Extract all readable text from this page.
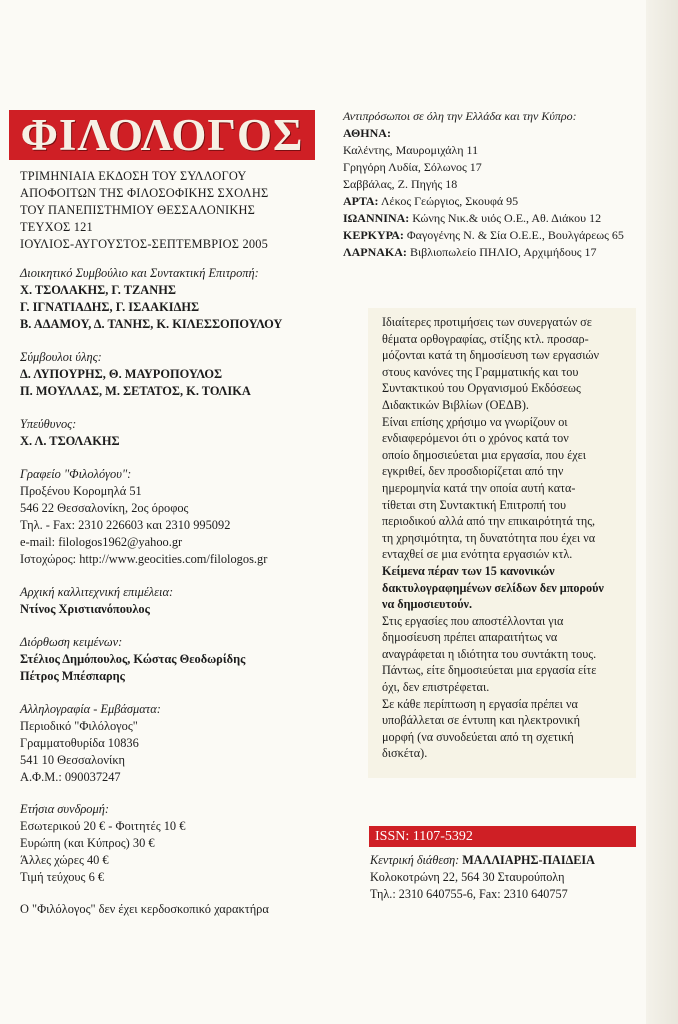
ΦΙΛΟΛΟΓΟΣ
ΤΡΙΜΗΝΙΑΙΑ ΕΚΔΟΣΗ ΤΟΥ ΣΥΛΛΟΓΟΥ
ΑΠΟΦΟΙΤΩΝ ΤΗΣ ΦΙΛΟΣΟΦΙΚΗΣ ΣΧΟΛΗΣ
ΤΟΥ ΠΑΝΕΠΙΣΤΗΜΙΟΥ ΘΕΣΣΑΛΟΝΙΚΗΣ
ΤΕΥΧΟΣ 121
ΙΟΥΛΙΟΣ-ΑΥΓΟΥΣΤΟΣ-ΣΕΠΤΕΜΒΡΙΟΣ 2005
Διοικητικό Συμβούλιο και Συντακτική Επιτροπή:
Χ. ΤΣΟΛΑΚΗΣ, Γ. ΤΖΑΝΗΣ
Γ. ΙΓΝΑΤΙΑΔΗΣ, Γ. ΙΣΑΑΚΙΔΗΣ
Β. ΑΔΑΜΟΥ, Δ. ΤΑΝΗΣ, Κ. ΚΙΛΕΣΣΟΠΟΥΛΟΥ
Σύμβουλοι ύλης:
Δ. ΛΥΠΟΥΡΗΣ, Θ. ΜΑΥΡΟΠΟΥΛΟΣ
Π. ΜΟΥΛΛΑΣ, Μ. ΣΕΤΑΤΟΣ, Κ. ΤΟΛΙΚΑ
Υπεύθυνος:
Χ. Λ. ΤΣΟΛΑΚΗΣ
Γραφείο "Φιλολόγου":
Προξένου Κορομηλά 51
546 22 Θεσσαλονίκη, 2ος όροφος
Τηλ. - Fax: 2310 226603 και 2310 995092
e-mail: filologos1962@yahoo.gr
Ιστοχώρος: http://www.geocities.com/filologos.gr
Αρχική καλλιτεχνική επιμέλεια:
Ντίνος Χριστιανόπουλος
Διόρθωση κειμένων:
Στέλιος Δημόπουλος, Κώστας Θεοδωρίδης
Πέτρος Μπέσπαρης
Αλληλογραφία - Εμβάσματα:
Περιοδικό "Φιλόλογος"
Γραμματοθυρίδα 10836
541 10 Θεσσαλονίκη
Α.Φ.Μ.: 090037247
Ετήσια συνδρομή:
Εσωτερικού 20 € - Φοιτητές 10 €
Ευρώπη (και Κύπρος) 30 €
Άλλες χώρες 40 €
Τιμή τεύχους 6 €
Ο "Φιλόλογος" δεν έχει κερδοσκοπικό χαρακτήρα
Αντιπρόσωποι σε όλη την Ελλάδα και την Κύπρο:
ΑΘΗΝΑ:
Καλέντης, Μαυρομιχάλη 11
Γρηγόρη Λυδία, Σόλωνος 17
Σαββάλας, Ζ. Πηγής 18
ΑΡΤΑ: Λέκος Γεώργιος, Σκουφά 95
ΙΩΑΝΝΙΝΑ: Κώνης Νικ.& υιός Ο.Ε., Αθ. Διάκου 12
ΚΕΡΚΥΡΑ: Φαγογένης Ν. & Σία Ο.Ε.Ε., Βουλγάρεως 65
ΛΑΡΝΑΚΑ: Βιβλιοπωλείο ΠΗΛΙΟ, Αρχιμήδους 17
Ιδιαίτερες προτιμήσεις των συνεργατών σε
θέματα ορθογραφίας, στίξης κτλ. προσαρ-
μόζονται κατά τη δημοσίευση των εργασιών
στους κανόνες της Γραμματικής και του
Συντακτικού του Οργανισμού Εκδόσεως
Διδακτικών Βιβλίων (ΟΕΔΒ).
Είναι επίσης χρήσιμο να γνωρίζουν οι
ενδιαφερόμενοι ότι ο χρόνος κατά τον
οποίο δημοσιεύεται μια εργασία, που έχει
εγκριθεί, δεν προσδιορίζεται από την
ημερομηνία κατά την οποία αυτή κατα-
τίθεται στη Συντακτική Επιτροπή του
περιοδικού αλλά από την επικαιρότητά της,
τη χρησιμότητα, τη δυνατότητα που έχει να
ενταχθεί σε μια ενότητα εργασιών κτλ.
Κείμενα πέραν των 15 κανονικών
δακτυλογραφημένων σελίδων δεν μπορούν
να δημοσιευτούν.
Στις εργασίες που αποστέλλονται για
δημοσίευση πρέπει απαραιτήτως να
αναγράφεται η ιδιότητα του συντάκτη τους.
Πάντως, είτε δημοσιεύεται μια εργασία είτε
όχι, δεν επιστρέφεται.
Σε κάθε περίπτωση η εργασία πρέπει να
υποβάλλεται σε έντυπη και ηλεκτρονική
μορφή (να συνοδεύεται από τη σχετική
δισκέτα).
ISSN: 1107-5392
Κεντρική διάθεση: ΜΑΛΛΙΑΡΗΣ-ΠΑΙΔΕΙΑ
Κολοκοτρώνη 22, 564 30 Σταυρούπολη
Τηλ.: 2310 640755-6, Fax: 2310 640757
